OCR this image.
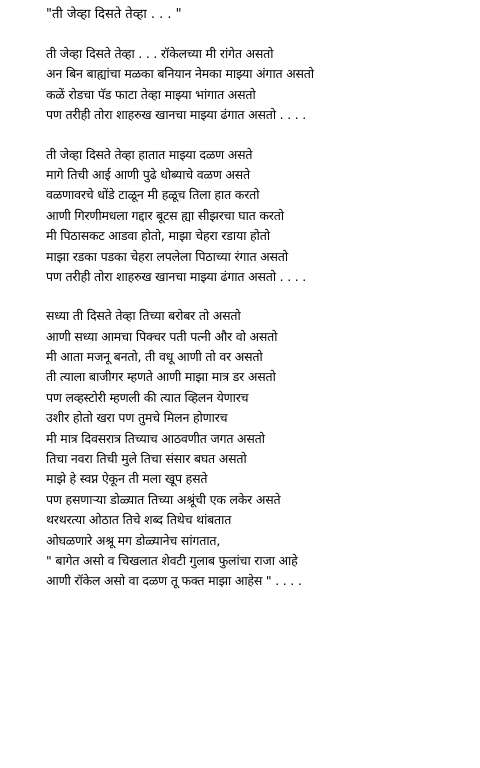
"ती जेव्हा दिसते तेव्हा . . . "
ती जेव्हा दिसते तेव्हा . . . रॉकेलच्या मी रांगेत असतो
अन बिन बाह्यांचा मळका बनियान नेमका माझ्या अंगात असतो
कळें रोडचा पॅड फाटा तेव्हा माझ्या भांगात असतो
पण तरीही तोरा शाहरुख खानचा माझ्या ढंगात असतो . . . .
ती जेव्हा दिसते तेव्हा हातात माझ्या दळण असते
मागे तिची आई आणी पुढे धोब्याचे वळण असते
वळणावरचे धोंडे टाळून मी हळूच तिला हात करतो
आणी गिरणीमधला गद्दार बूटस ह्या सीझरचा घात करतो
मी पिठासकट आडवा होतो, माझा चेहरा रडाया होतो
माझा रडका पडका चेहरा लपलेला पिठाच्या रंगात असतो
पण तरीही तोरा शाहरुख खानचा माझ्या ढंगात असतो . . . .
सध्या ती दिसते तेव्हा तिच्या बरोबर तो असतो
आणी सध्या आमचा पिक्चर पती पत्नी और वो असतो
मी आता मजनू बनतो, ती वधू आणी तो वर असतो
ती त्याला बाजीगर म्हणते आणी माझा मात्र डर असतो
पण लव्हस्टोरी म्हणली की त्यात व्हिलन येणारच
उशीर होतो खरा पण तुमचे मिलन होणारच
मी मात्र दिवसरात्र तिच्याच आठवणीत जगत असतो
तिचा नवरा तिची मुले तिचा संसार बघत असतो
माझे हे स्वप्न ऐकून ती मला खूप हसते
पण हसणाऱ्या डोळ्यात तिच्या अश्रूंची एक लकेर असते
थरथरत्या ओठात तिचे शब्द तिथेच थांबतात
ओघळणारे अश्रू मग डोळ्यानेच सांगतात,
" बागेत असो व चिखलात शेवटी गुलाब फुलांचा राजा आहे
आणी रॉकेल असो वा दळण तू फक्त माझा आहेस " . . . .
